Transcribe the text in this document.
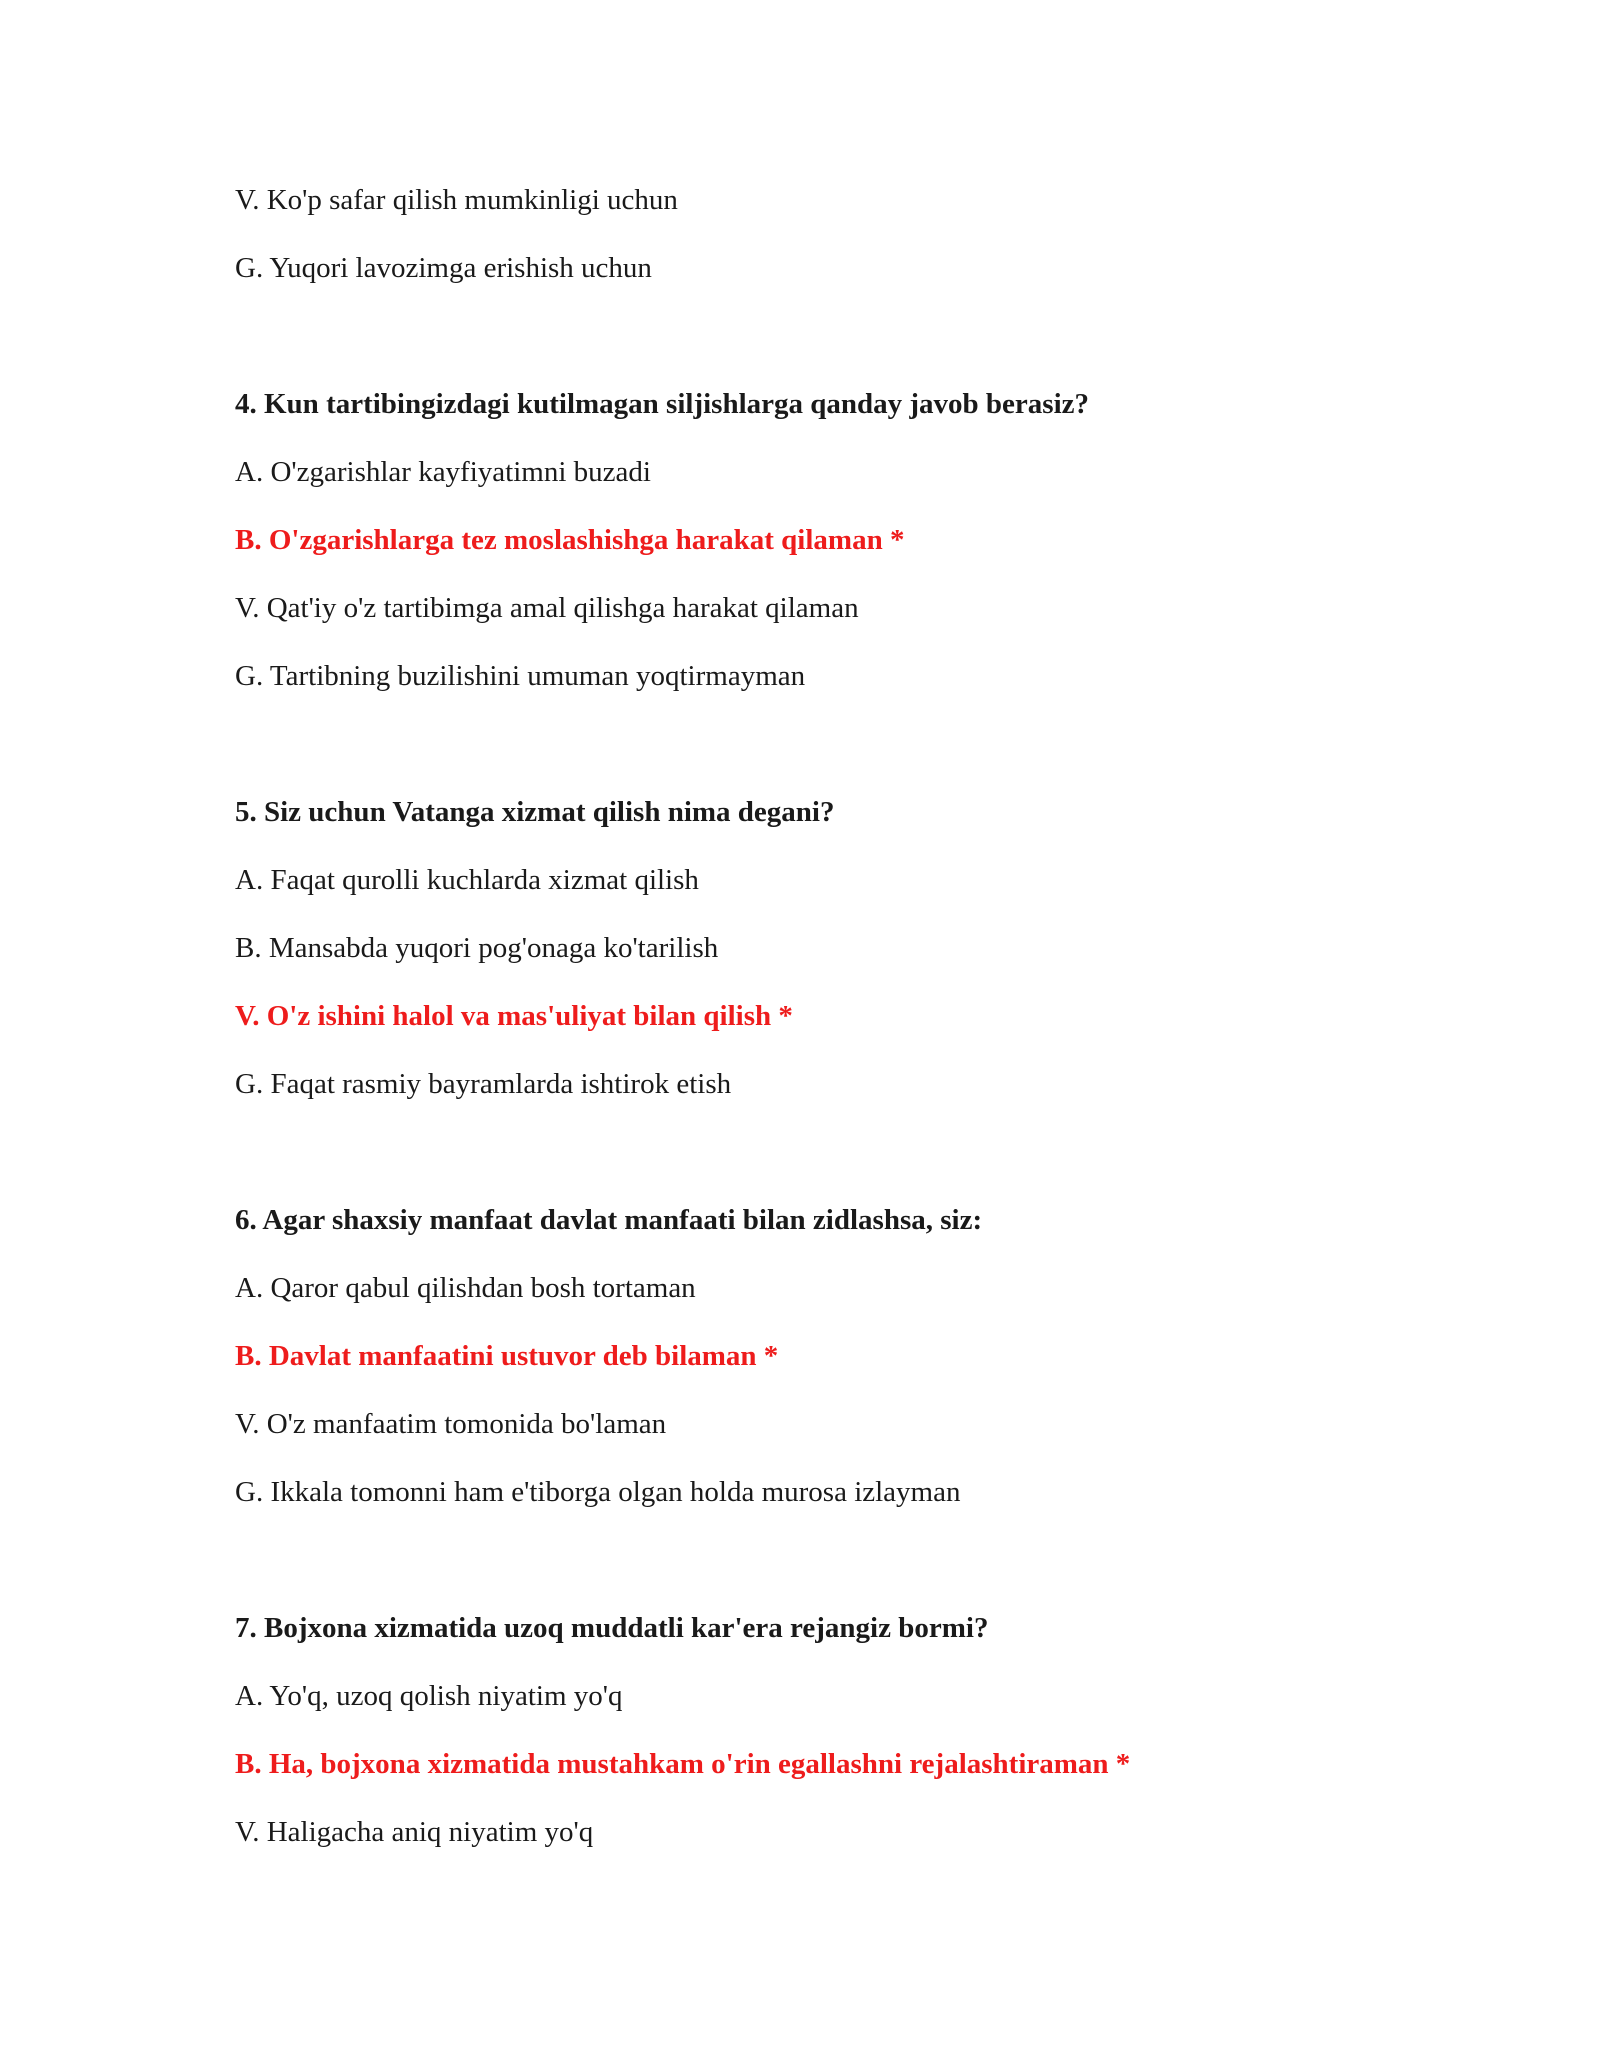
V. Ko'p safar qilish mumkinligi uchun
G. Yuqori lavozimga erishish uchun
4. Kun tartibingizdagi kutilmagan siljishlarga qanday javob berasiz?
A. O'zgarishlar kayfiyatimni buzadi
B. O'zgarishlarga tez moslashishga harakat qilaman *
V. Qat'iy o'z tartibimga amal qilishga harakat qilaman
G. Tartibning buzilishini umuman yoqtirmayman
5. Siz uchun Vatanga xizmat qilish nima degani?
A. Faqat qurolli kuchlarda xizmat qilish
B. Mansabda yuqori pog'onaga ko'tarilish
V. O'z ishini halol va mas'uliyat bilan qilish *
G. Faqat rasmiy bayramlarda ishtirok etish
6. Agar shaxsiy manfaat davlat manfaati bilan zidlashsa, siz:
A. Qaror qabul qilishdan bosh tortaman
B. Davlat manfaatini ustuvor deb bilaman *
V. O'z manfaatim tomonida bo'laman
G. Ikkala tomonni ham e'tiborga olgan holda murosa izlayman
7. Bojxona xizmatida uzoq muddatli kar'era rejangiz bormi?
A. Yo'q, uzoq qolish niyatim yo'q
B. Ha, bojxona xizmatida mustahkam o'rin egallashni rejalashtiraman *
V. Haligacha aniq niyatim yo'q
